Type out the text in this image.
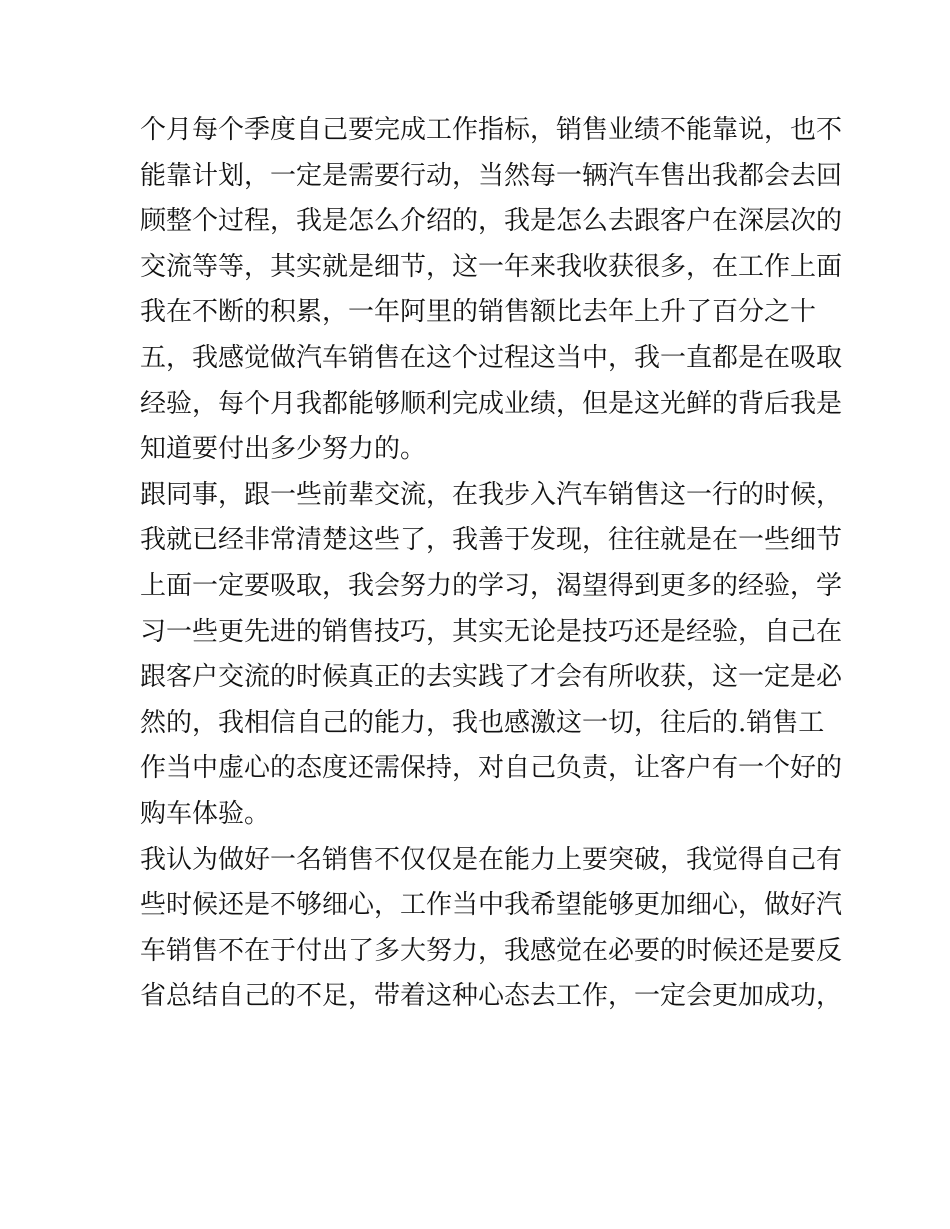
个月每个季度自己要完成工作指标，销售业绩不能靠说，也不
能靠计划，一定是需要行动，当然每一辆汽车售出我都会去回
顾整个过程，我是怎么介绍的，我是怎么去跟客户在深层次的
交流等等，其实就是细节，这一年来我收获很多，在工作上面
我在不断的积累，一年阿里的销售额比去年上升了百分之十
五，我感觉做汽车销售在这个过程这当中，我一直都是在吸取
经验，每个月我都能够顺利完成业绩，但是这光鲜的背后我是
知道要付出多少努力的。
跟同事，跟一些前辈交流，在我步入汽车销售这一行的时候，
我就已经非常清楚这些了，我善于发现，往往就是在一些细节
上面一定要吸取，我会努力的学习，渴望得到更多的经验，学
习一些更先进的销售技巧，其实无论是技巧还是经验，自己在
跟客户交流的时候真正的去实践了才会有所收获，这一定是必
然的，我相信自己的能力，我也感激这一切，往后的.销售工
作当中虚心的态度还需保持，对自己负责，让客户有一个好的
购车体验。
我认为做好一名销售不仅仅是在能力上要突破，我觉得自己有
些时候还是不够细心，工作当中我希望能够更加细心，做好汽
车销售不在于付出了多大努力，我感觉在必要的时候还是要反
省总结自己的不足，带着这种心态去工作，一定会更加成功，
